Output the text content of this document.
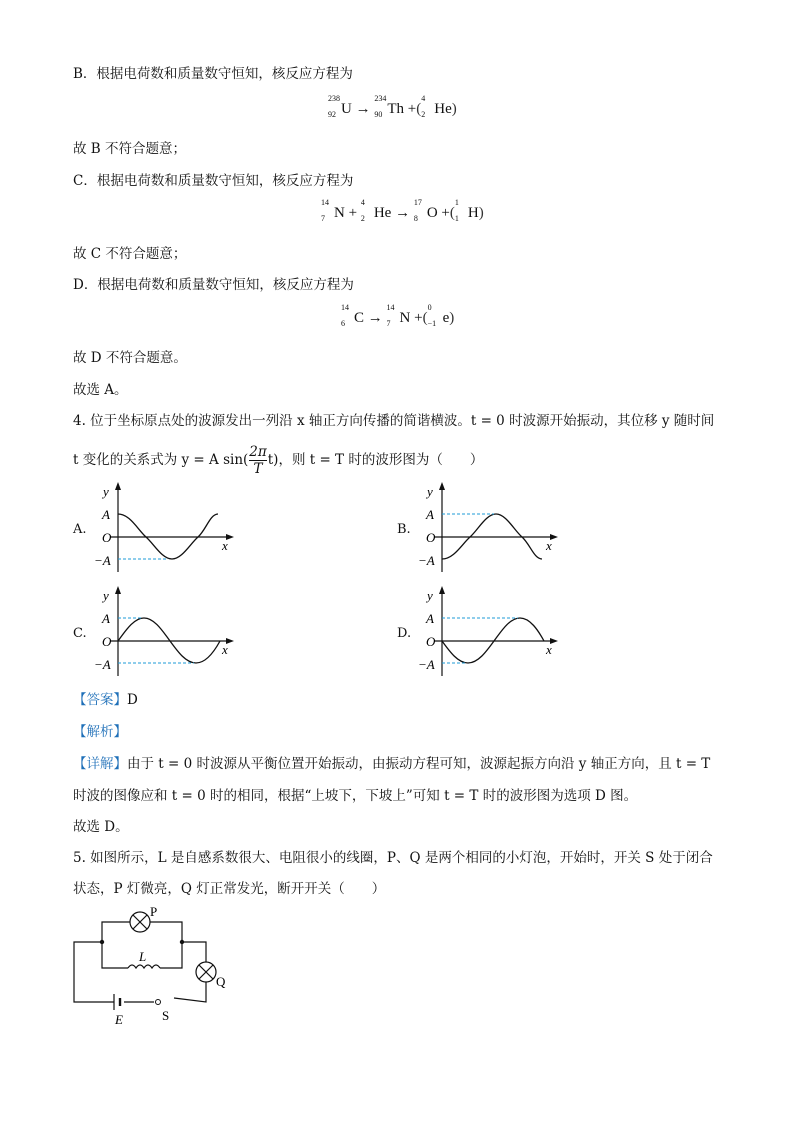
B．根据电荷数和质量数守恒知，核反应方程为
238
92 U →
234
90 Th +(
4
2 He)
故 B 不符合题意；
C．根据电荷数和质量数守恒知，核反应方程为
14
7 N +
4
2 He →
17
8 O +(
1
1 H)
故 C 不符合题意；
D．根据电荷数和质量数守恒知，核反应方程为
14
6 C →
14
7 N +(
0
−1 e)
故 D 不符合题意。
故选 A。
4. 位于坐标原点处的波源发出一列沿 x 轴正方向传播的简谐横波。t = 0 时波源开始振动，其位移 y 随时间
t 变化的关系式为 y = A $\sin( \frac{2\pi}{T} t)$，则 t = T 时的波形图为（　　）
A.	B.
C.	D.
y
A
O
−A
x
y
A
O
−A
x
y
A
O
−A
x
y
A
O
−A
x
【答案】D
【解析】
【详解】由于 t = 0 时波源从平衡位置开始振动，由振动方程可知，波源起振方向沿 y 轴正方向，且 t = T
时波的图像应和 t = 0 时的相同，根据“上坡下，下坡上”可知 t = T 时的波形图为选项 D 图。
故选 D。
5. 如图所示，L 是自感系数很大、电阻很小的线圈，P、Q 是两个相同的小灯泡，开始时，开关 S 处于闭合
状态，P 灯微亮，Q 灯正常发光，断开开关（　　）
P
Q
L
E	S
